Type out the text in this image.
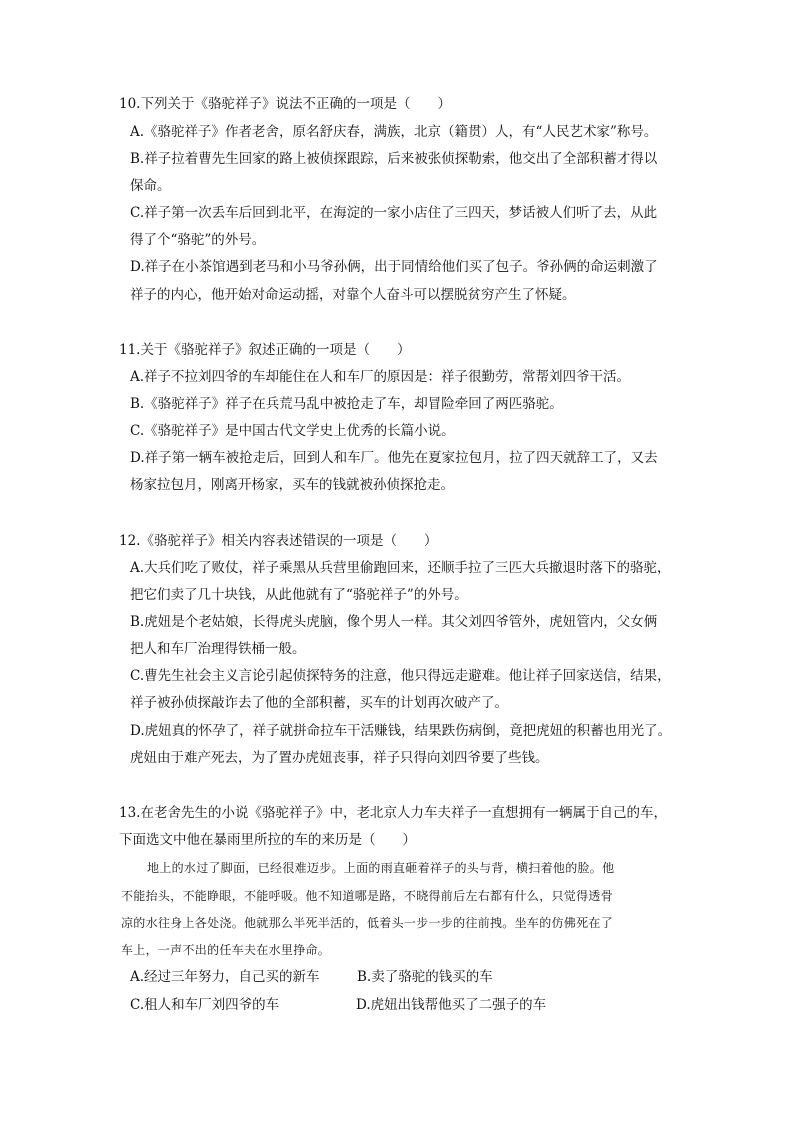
10.下列关于《骆驼祥子》说法不正确的一项是（　　）
A.《骆驼祥子》作者老舍，原名舒庆春，满族，北京（籍贯）人，有“人民艺术家”称号。
B.祥子拉着曹先生回家的路上被侦探跟踪，后来被张侦探勒索，他交出了全部积蓄才得以
保命。
C.祥子第一次丢车后回到北平，在海淀的一家小店住了三四天，梦话被人们听了去，从此
得了个“骆驼”的外号。
D.祥子在小茶馆遇到老马和小马爷孙俩，出于同情给他们买了包子。爷孙俩的命运刺激了
祥子的内心，他开始对命运动摇，对靠个人奋斗可以摆脱贫穷产生了怀疑。
11.关于《骆驼祥子》叙述正确的一项是（　　）
A.祥子不拉刘四爷的车却能住在人和车厂的原因是：祥子很勤劳，常帮刘四爷干活。
B.《骆驼祥子》祥子在兵荒马乱中被抢走了车，却冒险牵回了两匹骆驼。
C.《骆驼祥子》是中国古代文学史上优秀的长篇小说。
D.祥子第一辆车被抢走后，回到人和车厂。他先在夏家拉包月，拉了四天就辞工了，又去
杨家拉包月，刚离开杨家，买车的钱就被孙侦探抢走。
12.《骆驼祥子》相关内容表述错误的一项是（　　）
A.大兵们吃了败仗，祥子乘黑从兵营里偷跑回来，还顺手拉了三匹大兵撤退时落下的骆驼，
把它们卖了几十块钱，从此他就有了“骆驼祥子”的外号。
B.虎妞是个老姑娘，长得虎头虎脑，像个男人一样。其父刘四爷管外，虎妞管内，父女俩
把人和车厂治理得铁桶一般。
C.曹先生社会主义言论引起侦探特务的注意，他只得远走避难。他让祥子回家送信，结果，
祥子被孙侦探敲诈去了他的全部积蓄，买车的计划再次破产了。
D.虎妞真的怀孕了，祥子就拼命拉车干活赚钱，结果跌伤病倒，竟把虎妞的积蓄也用光了。
虎妞由于难产死去，为了置办虎妞丧事，祥子只得向刘四爷要了些钱。
13.在老舍先生的小说《骆驼祥子》中，老北京人力车夫祥子一直想拥有一辆属于自己的车，
下面选文中他在暴雨里所拉的车的来历是（　　）
地上的水过了脚面，已经很难迈步。上面的雨直砸着祥子的头与背，横扫着他的脸。他
不能抬头，不能睁眼，不能呼吸。他不知道哪是路，不晓得前后左右都有什么，只觉得透骨
凉的水往身上各处浇。他就那么半死半活的，低着头一步一步的往前拽。坐车的仿佛死在了
车上，一声不出的任车夫在水里挣命。
A.经过三年努力，自己买的新车	B.卖了骆驼的钱买的车
C.租人和车厂刘四爷的车	D.虎妞出钱帮他买了二强子的车
